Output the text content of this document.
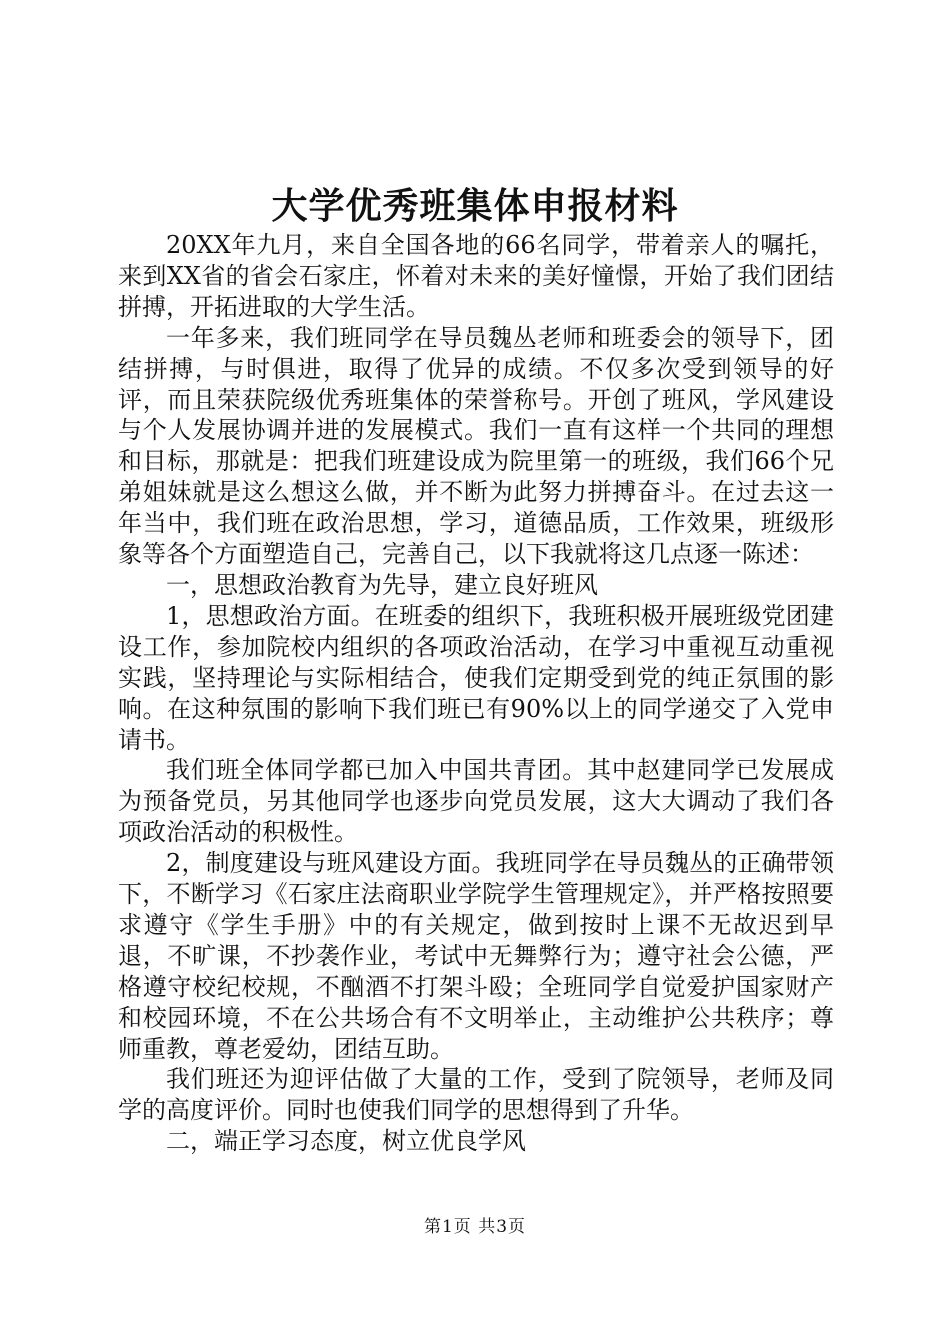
大学优秀班集体申报材料

20XX年九月，来自全国各地的66名同学，带着亲人的嘱托，来到XX省的省会石家庄，怀着对未来的美好憧憬，开始了我们团结拼搏，开拓进取的大学生活。

一年多来，我们班同学在导员魏丛老师和班委会的领导下，团结拼搏，与时俱进，取得了优异的成绩。不仅多次受到领导的好评，而且荣获院级优秀班集体的荣誉称号。开创了班风，学风建设与个人发展协调并进的发展模式。我们一直有这样一个共同的理想和目标，那就是：把我们班建设成为院里第一的班级，我们66个兄弟姐妹就是这么想这么做，并不断为此努力拼搏奋斗。在过去这一年当中，我们班在政治思想，学习，道德品质，工作效果，班级形象等各个方面塑造自己，完善自己，以下我就将这几点逐一陈述：

一，思想政治教育为先导，建立良好班风

1，思想政治方面。在班委的组织下，我班积极开展班级党团建设工作，参加院校内组织的各项政治活动，在学习中重视互动重视实践，坚持理论与实际相结合，使我们定期受到党的纯正氛围的影响。在这种氛围的影响下我们班已有90%以上的同学递交了入党申请书。

我们班全体同学都已加入中国共青团。其中赵建同学已发展成为预备党员，另其他同学也逐步向党员发展，这大大调动了我们各项政治活动的积极性。

2，制度建设与班风建设方面。我班同学在导员魏丛的正确带领下，不断学习《石家庄法商职业学院学生管理规定》，并严格按照要求遵守《学生手册》中的有关规定，做到按时上课不无故迟到早退，不旷课，不抄袭作业，考试中无舞弊行为；遵守社会公德，严格遵守校纪校规，不酗酒不打架斗殴；全班同学自觉爱护国家财产和校园环境，不在公共场合有不文明举止，主动维护公共秩序；尊师重教，尊老爱幼，团结互助。

我们班还为迎评估做了大量的工作，受到了院领导，老师及同学的高度评价。同时也使我们同学的思想得到了升华。

二，端正学习态度，树立优良学风

第1页 共3页
